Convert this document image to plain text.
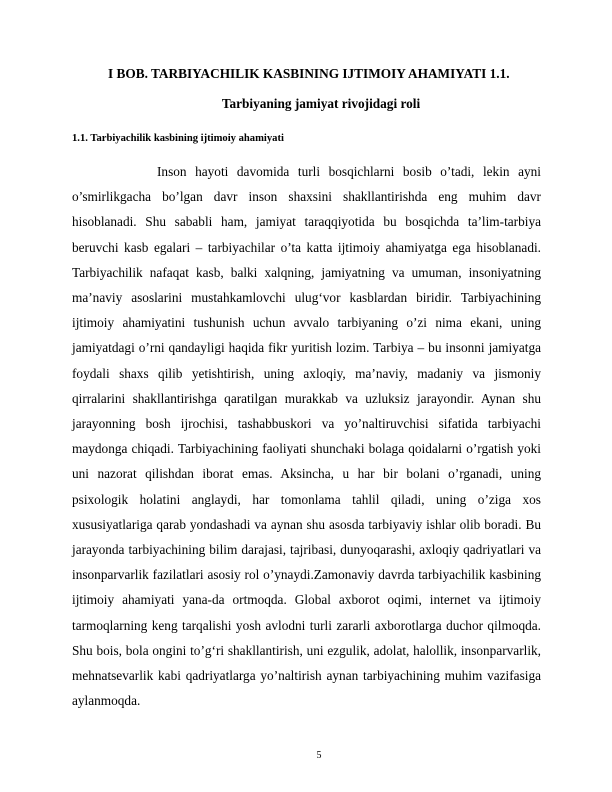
I BOB. TARBIYACHILIK KASBINING IJTIMOIY AHAMIYATI 1.1.
Tarbiyaning jamiyat rivojidagi roli
1.1. Tarbiyachilik kasbining ijtimoiy ahamiyati

Inson hayoti davomida turli bosqichlarni bosib o’tadi, lekin ayni o’smirlikgacha bo’lgan davr inson shaxsini shakllantirishda eng muhim davr hisoblanadi. Shu sababli ham, jamiyat taraqqiyotida bu bosqichda ta’lim-tarbiya beruvchi kasb egalari – tarbiyachilar o’ta katta ijtimoiy ahamiyatga ega hisoblanadi. Tarbiyachilik nafaqat kasb, balki xalqning, jamiyatning va umuman, insoniyatning ma’naviy asoslarini mustahkamlovchi ulug‘vor kasblardan biridir. Tarbiyachining ijtimoiy ahamiyatini tushunish uchun avvalo tarbiyaning o’zi nima ekani, uning jamiyatdagi o’rni qandayligi haqida fikr yuritish lozim. Tarbiya – bu insonni jamiyatga foydali shaxs qilib yetishtirish, uning axloqiy, ma’naviy, madaniy va jismoniy qirralarini shakllantirishga qaratilgan murakkab va uzluksiz jarayondir. Aynan shu jarayonning bosh ijrochisi, tashabbuskori va yo’naltiruvchisi sifatida tarbiyachi maydonga chiqadi. Tarbiyachining faoliyati shunchaki bolaga qoidalarni o’rgatish yoki uni nazorat qilishdan iborat emas. Aksincha, u har bir bolani o’rganadi, uning psixologik holatini anglaydi, har tomonlama tahlil qiladi, uning o’ziga xos xususiyatlariga qarab yondashadi va aynan shu asosda tarbiyaviy ishlar olib boradi. Bu jarayonda tarbiyachining bilim darajasi, tajribasi, dunyoqarashi, axloqiy qadriyatlari va insonparvarlik fazilatlari asosiy rol o’ynaydi.Zamonaviy davrda tarbiyachilik kasbining ijtimoiy ahamiyati yana-da ortmoqda. Global axborot oqimi, internet va ijtimoiy tarmoqlarning keng tarqalishi yosh avlodni turli zararli axborotlarga duchor qilmoqda. Shu bois, bola ongini to’g‘ri shakllantirish, uni ezgulik, adolat, halollik, insonparvarlik, mehnatsevarlik kabi qadriyatlarga yo’naltirish aynan tarbiyachining muhim vazifasiga aylanmoqda.

5
